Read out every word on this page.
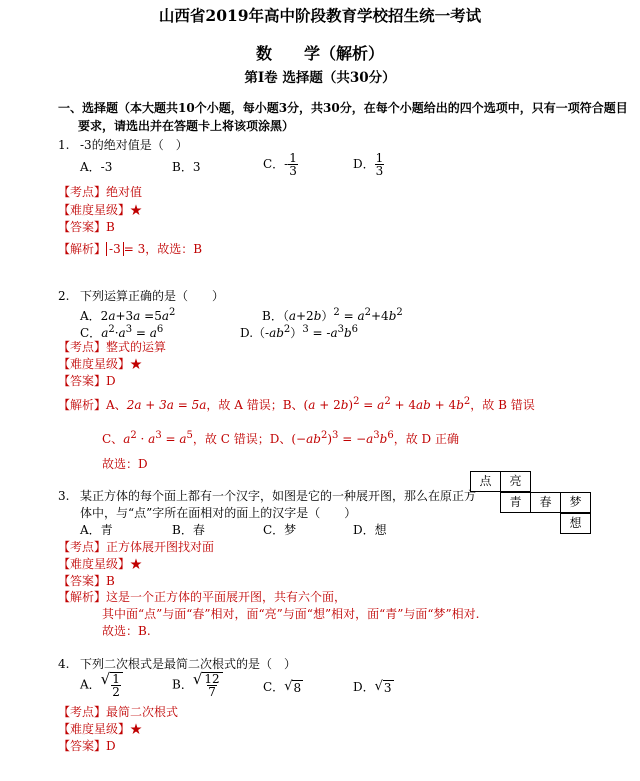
山西省2019年高中阶段教育学校招生统一考试
数　　学（解析）
第Ⅰ卷 选择题（共30分）
一、选择题（本大题共10个小题，每小题3分，共30分，在每个小题给出的四个选项中，只有一项符合题目
要求，请选出并在答题卡上将该项涂黑）
1. -3的绝对值是（　）
A．-3	B．3	C．- $\frac{1}{3}$	D． $\frac{1}{3}$
【考点】绝对值
【难度星级】★
【答案】B
【解析】 -3 = 3，故选：B
2. 下列运算正确的是（　　）
A．$2a+3a =5a^2$	B．$(a+2b)^2 = a^2+4b^2$
C．$a^2\cdot a^3 = a^6$	$D.(-ab^2)^3 = -a^3b^6$
【考点】整式的运算
【难度星级】★
【答案】D
【解析】A、2a + 3a = 5a，故 A 错误；B、$(a + 2b)^2 = a^2 + 4ab + 4b^2$，故 B 错误
C、$a^2 \cdot a^3 = a^5$，故 C 错误；D、$(-ab^2)^3 = -a^3b^6$，故 D 正确
故选：D
3. 某正方体的每个面上都有一个汉字，如图是它的一种展开图，那么在原正方
体中，与“点”字所在面相对的面上的汉字是（　　）
A．青	B．春	C．梦	D．想
【考点】正方体展开图找对面
【难度星级】★
【答案】B
【解析】这是一个正方体的平面展开图，共有六个面，
其中面“点”与面“春”相对，面“亮”与面“想”相对，面“青”与面“梦”相对.
故选：B.
点	亮
青	春	梦
想
4. 下列二次根式是最简二次根式的是（　）
A． √ $\frac{1}{2}$	B． √ $\frac{12}{7}$	C． √ 8	D． √ 3
【考点】最简二次根式
【难度星级】★
【答案】D
